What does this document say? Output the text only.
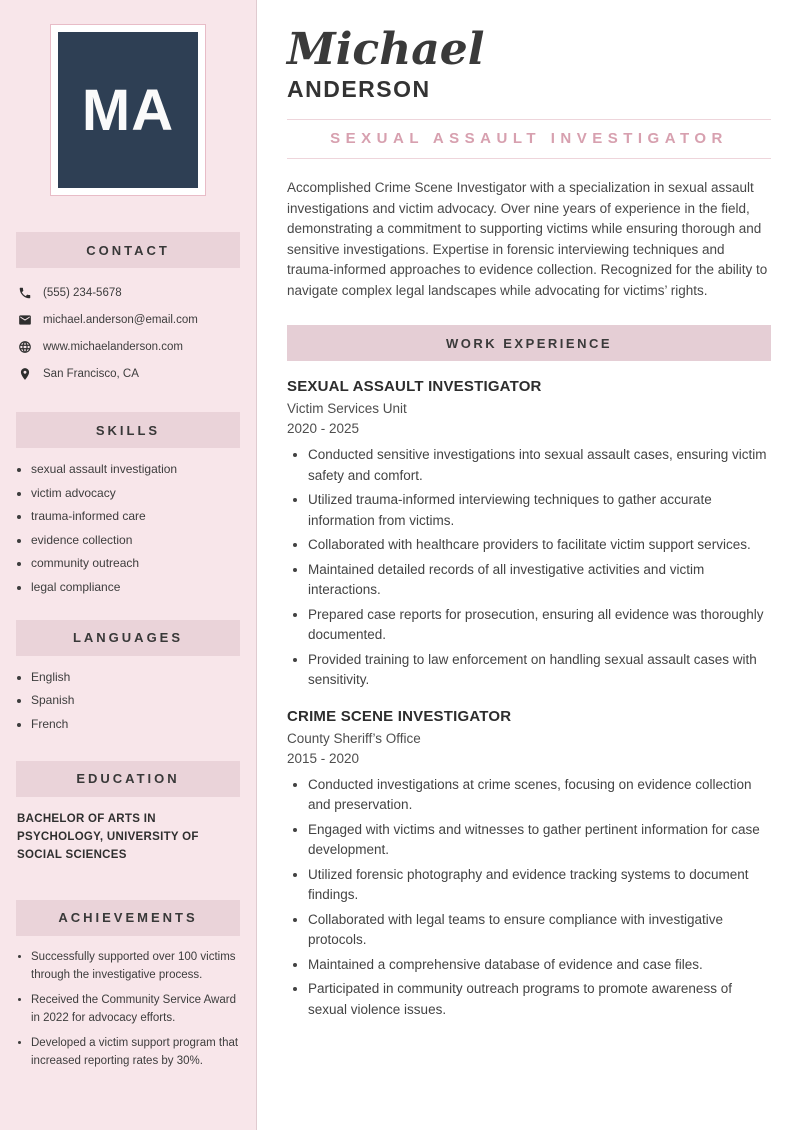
MA
CONTACT
(555) 234-5678
michael.anderson@email.com
www.michaelanderson.com
San Francisco, CA
SKILLS
• sexual assault investigation
• victim advocacy
• trauma-informed care
• evidence collection
• community outreach
• legal compliance
LANGUAGES
• English
• Spanish
• French
EDUCATION
BACHELOR OF ARTS IN PSYCHOLOGY, UNIVERSITY OF SOCIAL SCIENCES
ACHIEVEMENTS
• Successfully supported over 100 victims through the investigative process.
• Received the Community Service Award in 2022 for advocacy efforts.
• Developed a victim support program that increased reporting rates by 30%.
Michael
ANDERSON
SEXUAL ASSAULT INVESTIGATOR

Accomplished Crime Scene Investigator with a specialization in sexual assault investigations and victim advocacy. Over nine years of experience in the field, demonstrating a commitment to supporting victims while ensuring thorough and sensitive investigations. Expertise in forensic interviewing techniques and trauma-informed approaches to evidence collection. Recognized for the ability to navigate complex legal landscapes while advocating for victims’ rights.

WORK EXPERIENCE
SEXUAL ASSAULT INVESTIGATOR
Victim Services Unit
2020 - 2025
• Conducted sensitive investigations into sexual assault cases, ensuring victim safety and comfort.
• Utilized trauma-informed interviewing techniques to gather accurate information from victims.
• Collaborated with healthcare providers to facilitate victim support services.
• Maintained detailed records of all investigative activities and victim interactions.
• Prepared case reports for prosecution, ensuring all evidence was thoroughly documented.
• Provided training to law enforcement on handling sexual assault cases with sensitivity.
CRIME SCENE INVESTIGATOR
County Sheriff’s Office
2015 - 2020
• Conducted investigations at crime scenes, focusing on evidence collection and preservation.
• Engaged with victims and witnesses to gather pertinent information for case development.
• Utilized forensic photography and evidence tracking systems to document findings.
• Collaborated with legal teams to ensure compliance with investigative protocols.
• Maintained a comprehensive database of evidence and case files.
• Participated in community outreach programs to promote awareness of sexual violence issues.
